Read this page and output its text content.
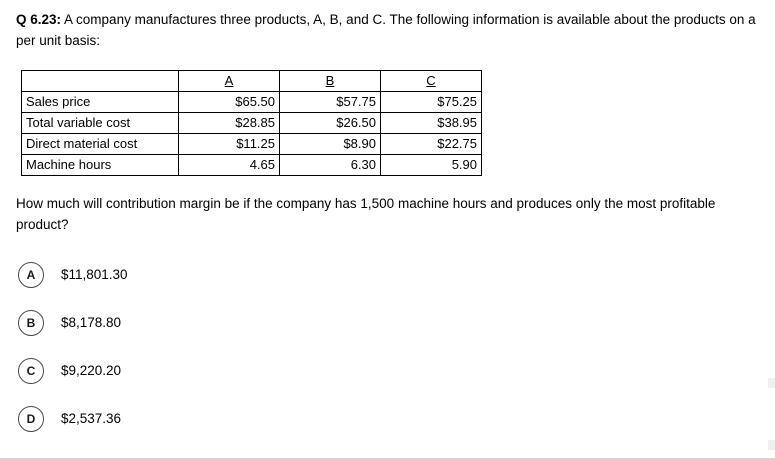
Q 6.23: A company manufactures three products, A, B, and C. The following information is available about the products on a per unit basis:

	A	B	C
Sales price	$65.50	$57.75	$75.25
Total variable cost	$28.85	$26.50	$38.95
Direct material cost	$11.25	$8.90	$22.75
Machine hours	4.65	6.30	5.90

How much will contribution margin be if the company has 1,500 machine hours and produces only the most profitable product?

A	$11,801.30
B	$8,178.80
C	$9,220.20
D	$2,537.36
